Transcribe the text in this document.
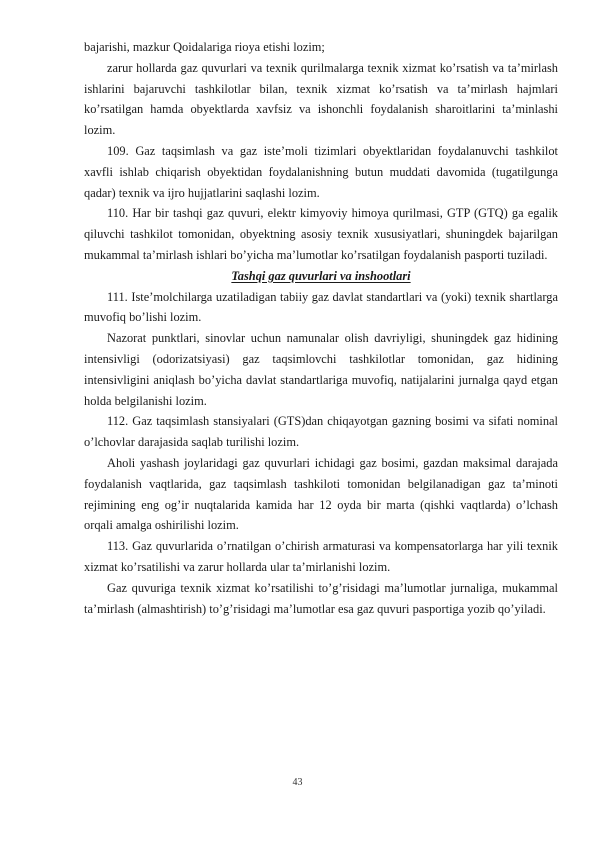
bajarishi, mazkur Qoidalariga rioya etishi lozim;

zarur hollarda gaz quvurlari va texnik qurilmalarga texnik xizmat ko’rsatish va ta’mirlash ishlarini bajaruvchi tashkilotlar bilan, texnik xizmat ko’rsatish va ta’mirlash hajmlari ko’rsatilgan hamda obyektlarda xavfsiz va ishonchli foydalanish sharoitlarini ta’minlashi lozim.

109. Gaz taqsimlash va gaz iste’moli tizimlari obyektlaridan foydalanuvchi tashkilot xavfli ishlab chiqarish obyektidan foydalanishning butun muddati davomida (tugatilgunga qadar) texnik va ijro hujjatlarini saqlashi lozim.

110. Har bir tashqi gaz quvuri, elektr kimyoviy himoya qurilmasi, GTP (GTQ) ga egalik qiluvchi tashkilot tomonidan, obyektning asosiy texnik xususiyatlari, shuningdek bajarilgan mukammal ta’mirlash ishlari bo’yicha ma’lumotlar ko’rsatilgan foydalanish pasporti tuziladi.

Tashqi gaz quvurlari va inshootlari

111. Iste’molchilarga uzatiladigan tabiiy gaz davlat standartlari va (yoki) texnik shartlarga muvofiq bo’lishi lozim.

Nazorat punktlari, sinovlar uchun namunalar olish davriyligi, shuningdek gaz hidining intensivligi (odorizatsiyasi) gaz taqsimlovchi tashkilotlar tomonidan, gaz hidining intensivligini aniqlash bo’yicha davlat standartlariga muvofiq, natijalarini jurnalga qayd etgan holda belgilanishi lozim.

112. Gaz taqsimlash stansiyalari (GTS)dan chiqayotgan gazning bosimi va sifati nominal o’lchovlar darajasida saqlab turilishi lozim.

Aholi yashash joylaridagi gaz quvurlari ichidagi gaz bosimi, gazdan maksimal darajada foydalanish vaqtlarida, gaz taqsimlash tashkiloti tomonidan belgilanadigan gaz ta’minoti rejimining eng og’ir nuqtalarida kamida har 12 oyda bir marta (qishki vaqtlarda) o’lchash orqali amalga oshirilishi lozim.

113. Gaz quvurlarida o’rnatilgan o’chirish armaturasi va kompensatorlarga har yili texnik xizmat ko’rsatilishi va zarur hollarda ular ta’mirlanishi lozim.

Gaz quvuriga texnik xizmat ko’rsatilishi to’g’risidagi ma’lumotlar jurnaliga, mukammal ta’mirlash (almashtirish) to’g’risidagi ma’lumotlar esa gaz quvuri pasportiga yozib qo’yiladi.

43
